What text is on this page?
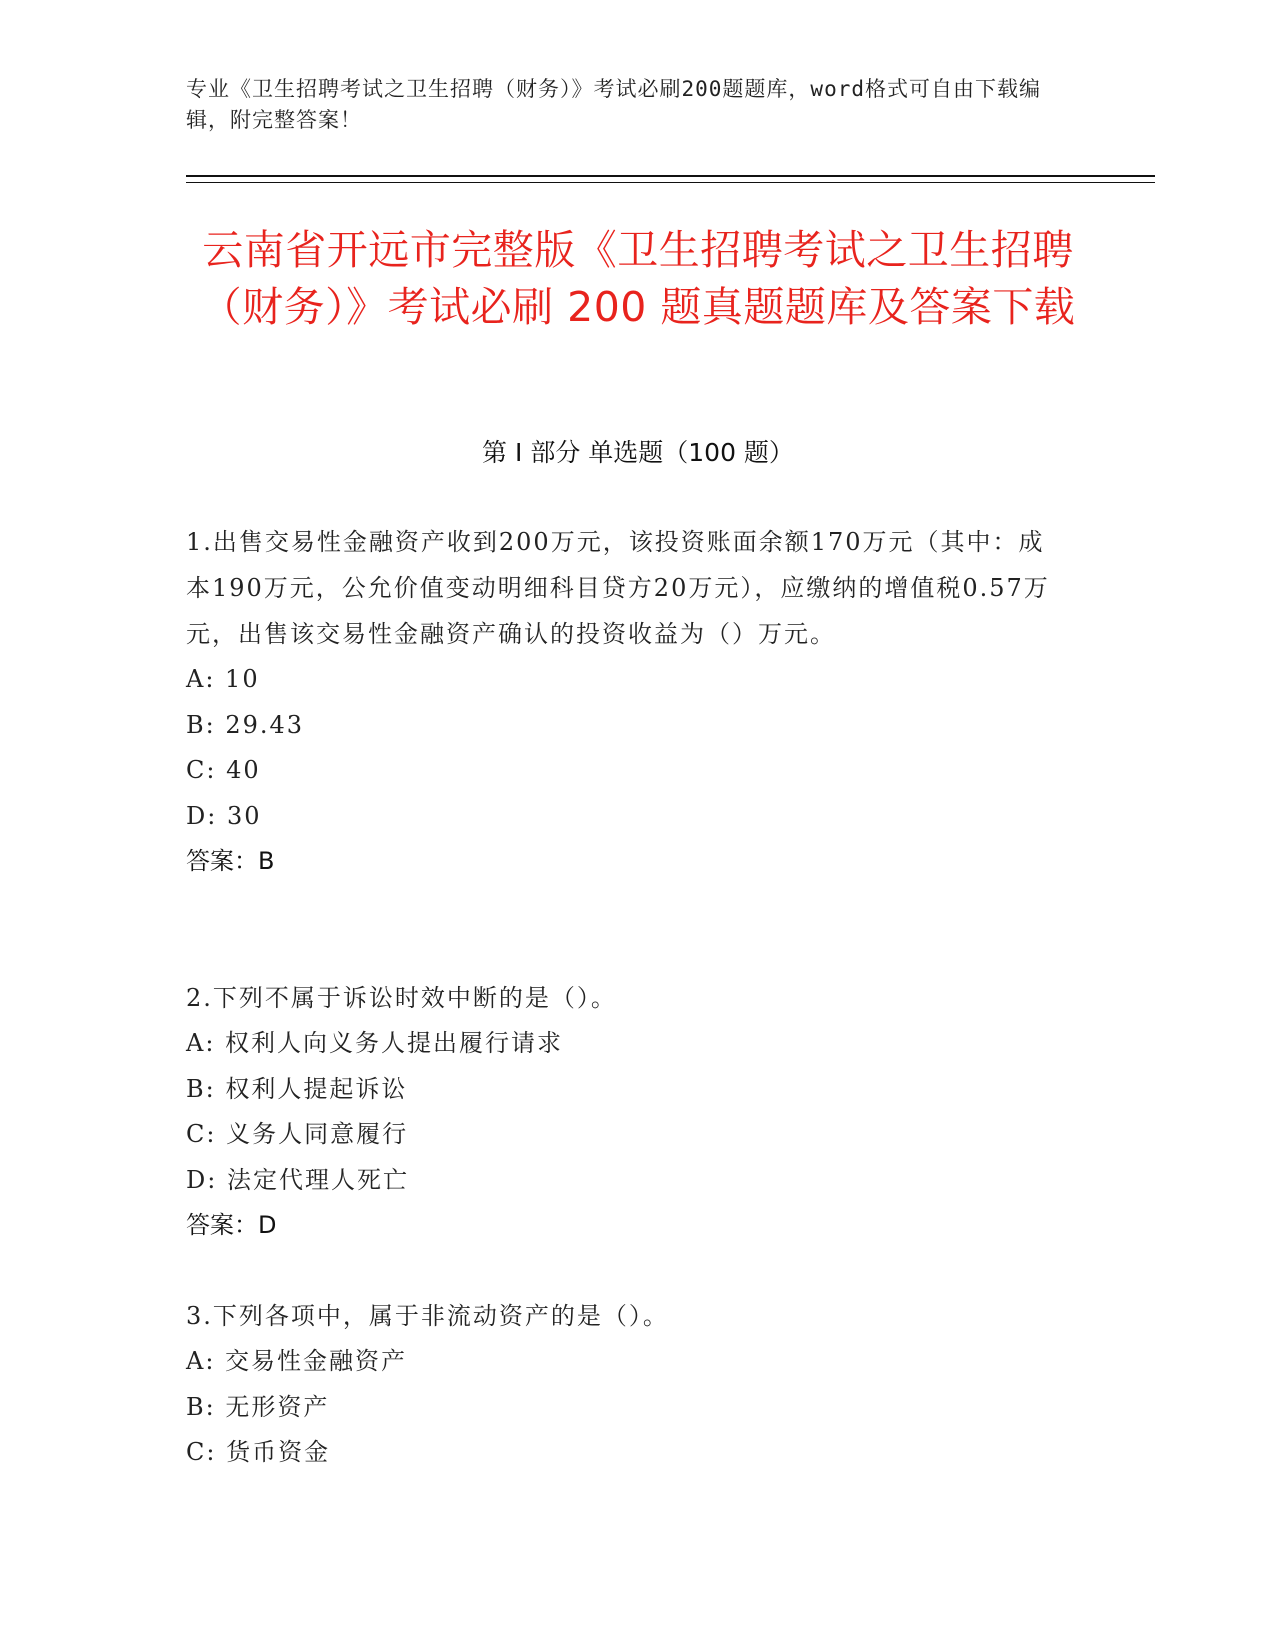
专业《卫生招聘考试之卫生招聘（财务）》考试必刷200题题库，word格式可自由下载编辑，附完整答案！
云南省开远市完整版《卫生招聘考试之卫生招聘（财务）》考试必刷 200 题真题题库及答案下载
第 I 部分 单选题（100 题）
1.出售交易性金融资产收到200万元，该投资账面余额170万元（其中：成本190万元，公允价值变动明细科目贷方20万元），应缴纳的增值税0.57万元，出售该交易性金融资产确认的投资收益为（）万元。
A: 10
B: 29.43
C: 40
D: 30
答案：B
2.下列不属于诉讼时效中断的是（）。
A: 权利人向义务人提出履行请求
B: 权利人提起诉讼
C: 义务人同意履行
D: 法定代理人死亡
答案：D
3.下列各项中，属于非流动资产的是（）。
A: 交易性金融资产
B: 无形资产
C: 货币资金
